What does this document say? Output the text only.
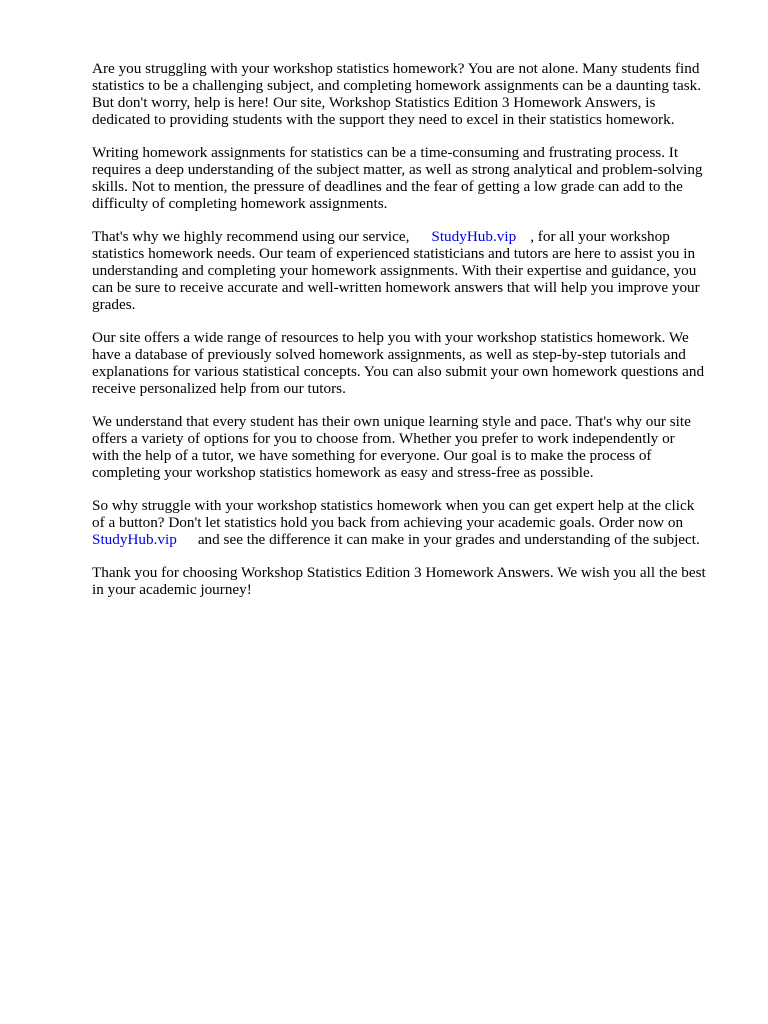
Are you struggling with your workshop statistics homework? You are not alone. Many students find
statistics to be a challenging subject, and completing homework assignments can be a daunting task.
But don't worry, help is here! Our site, Workshop Statistics Edition 3 Homework Answers, is
dedicated to providing students with the support they need to excel in their statistics homework.

Writing homework assignments for statistics can be a time-consuming and frustrating process. It
requires a deep understanding of the subject matter, as well as strong analytical and problem-solving
skills. Not to mention, the pressure of deadlines and the fear of getting a low grade can add to the
difficulty of completing homework assignments.

That's why we highly recommend using our service, StudyHub.vip , for all your workshop
statistics homework needs. Our team of experienced statisticians and tutors are here to assist you in
understanding and completing your homework assignments. With their expertise and guidance, you
can be sure to receive accurate and well-written homework answers that will help you improve your
grades.

Our site offers a wide range of resources to help you with your workshop statistics homework. We
have a database of previously solved homework assignments, as well as step-by-step tutorials and
explanations for various statistical concepts. You can also submit your own homework questions and
receive personalized help from our tutors.

We understand that every student has their own unique learning style and pace. That's why our site
offers a variety of options for you to choose from. Whether you prefer to work independently or
with the help of a tutor, we have something for everyone. Our goal is to make the process of
completing your workshop statistics homework as easy and stress-free as possible.

So why struggle with your workshop statistics homework when you can get expert help at the click
of a button? Don't let statistics hold you back from achieving your academic goals. Order now on
StudyHub.vip and see the difference it can make in your grades and understanding of the subject.

Thank you for choosing Workshop Statistics Edition 3 Homework Answers. We wish you all the best
in your academic journey!
